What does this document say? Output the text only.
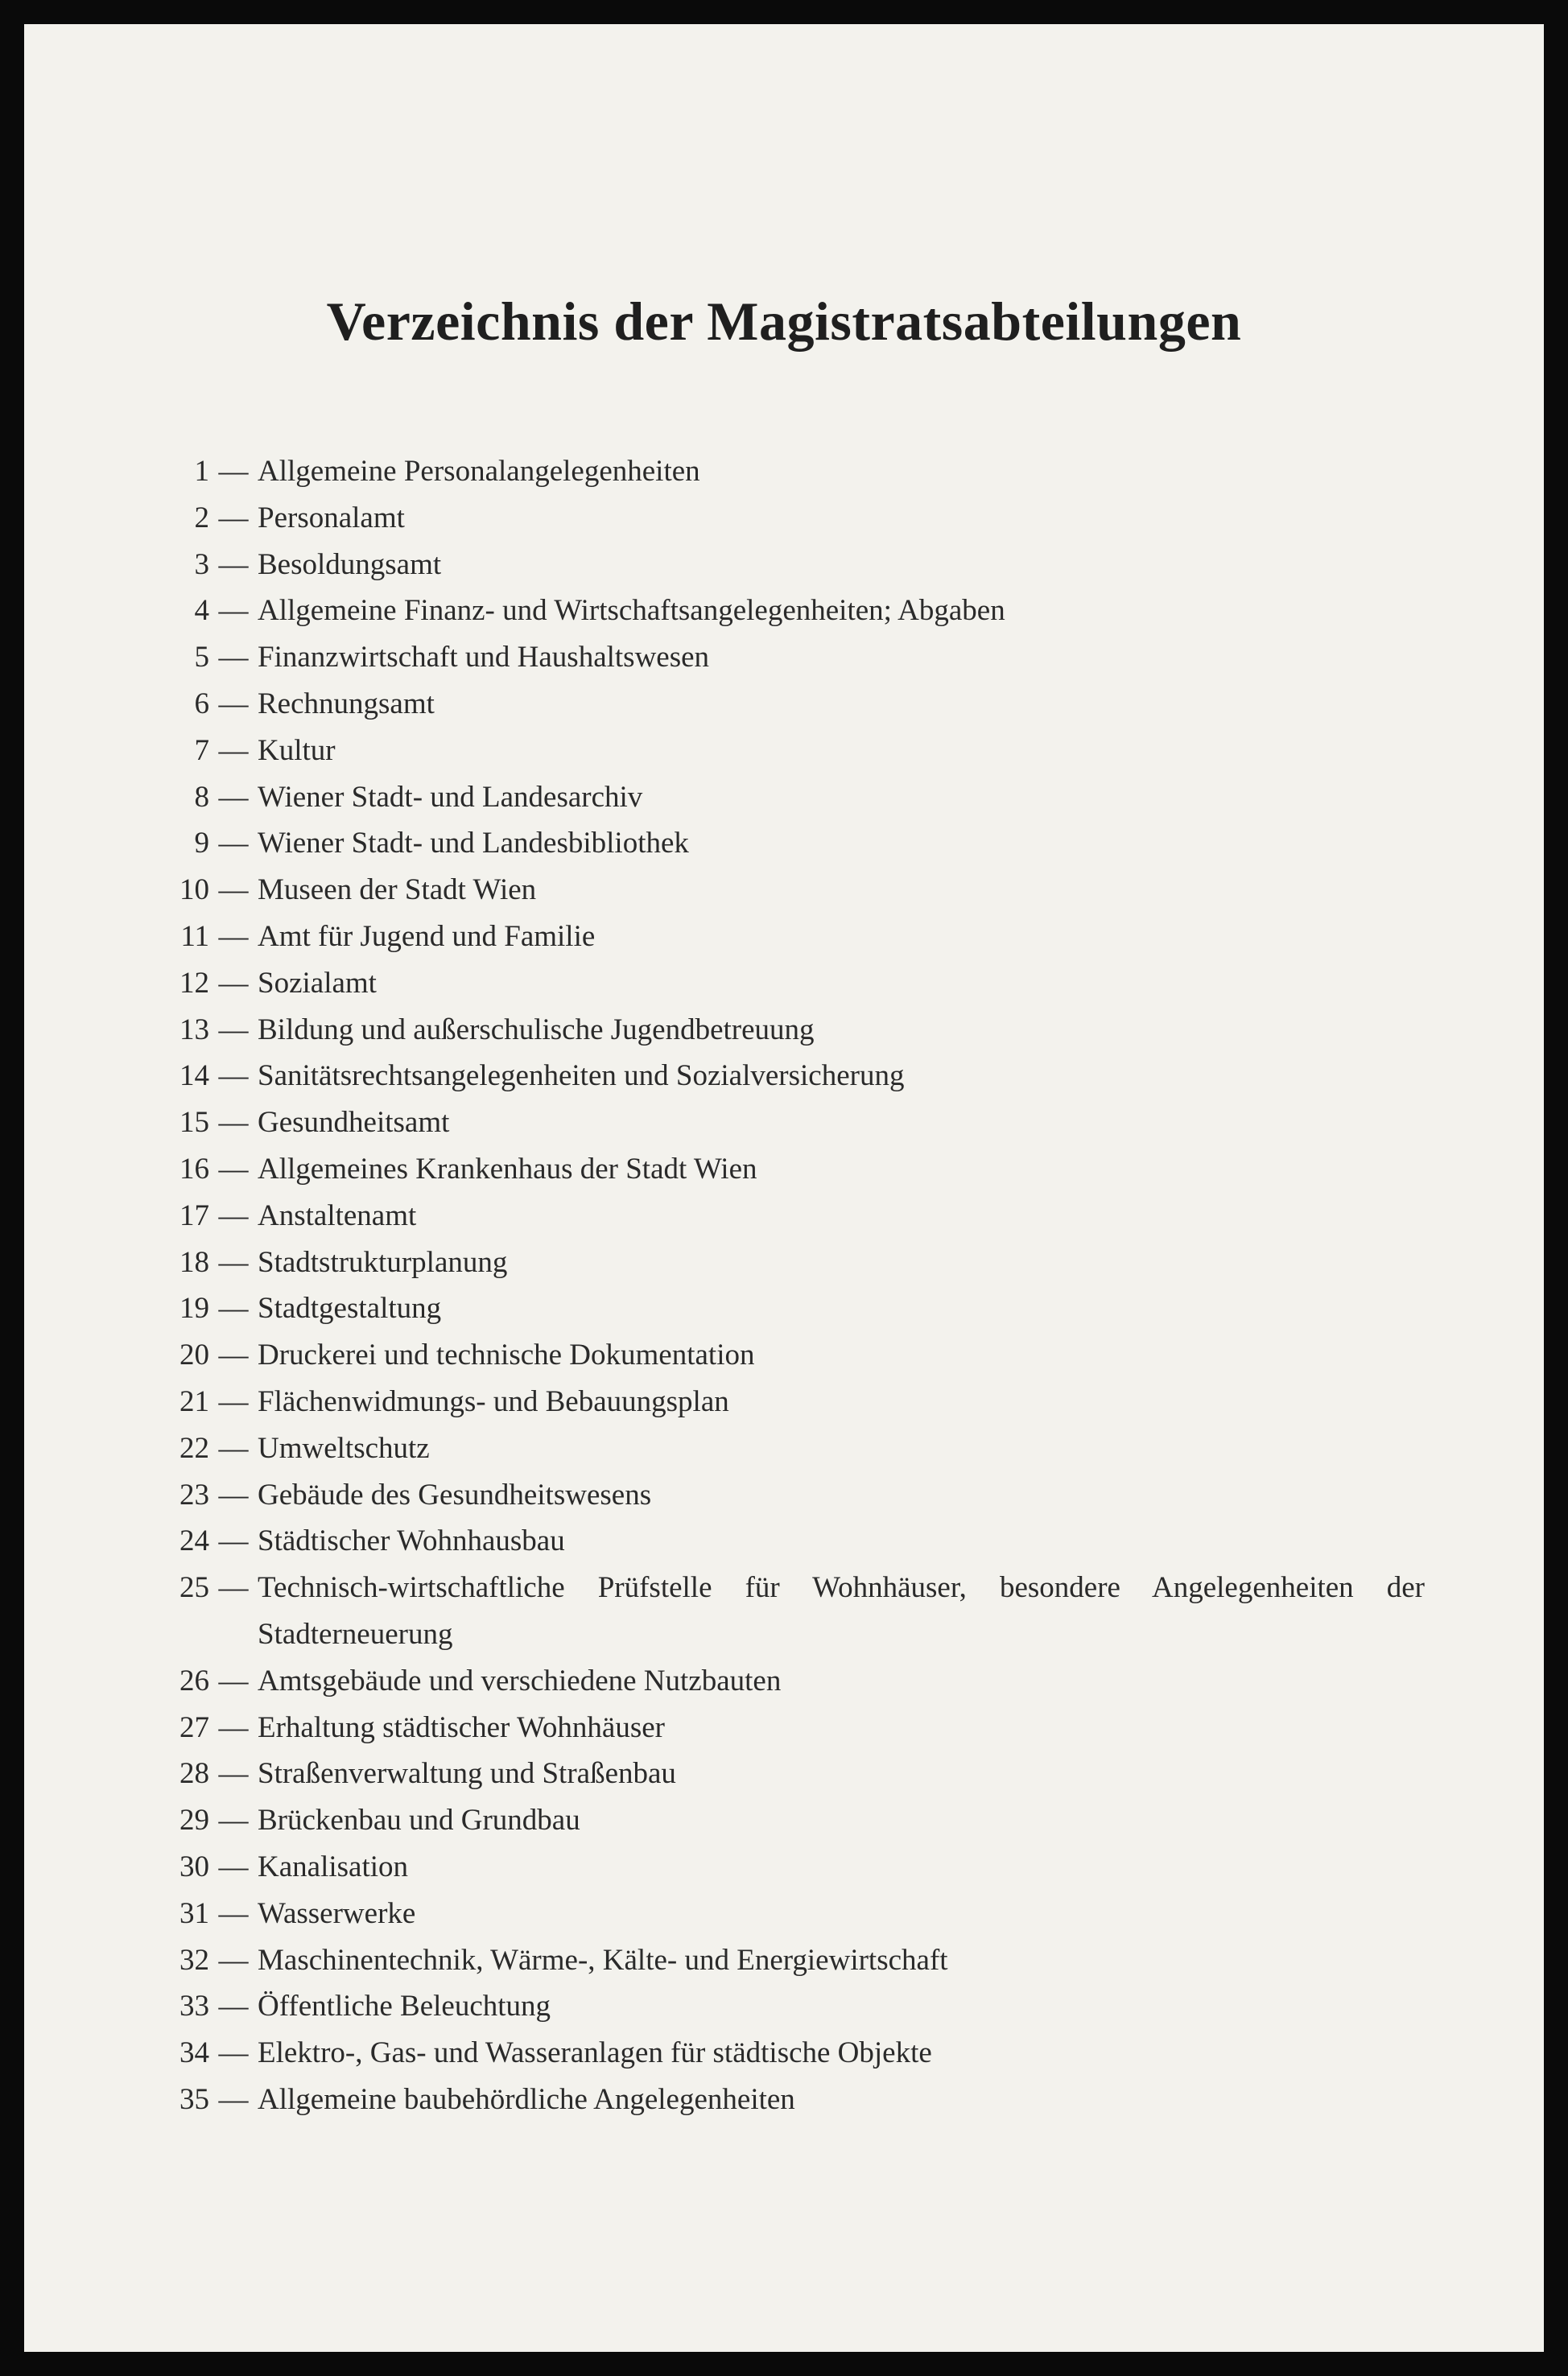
Verzeichnis der Magistratsabteilungen
1 — Allgemeine Personalangelegenheiten
2 — Personalamt
3 — Besoldungsamt
4 — Allgemeine Finanz- und Wirtschaftsangelegenheiten; Abgaben
5 — Finanzwirtschaft und Haushaltswesen
6 — Rechnungsamt
7 — Kultur
8 — Wiener Stadt- und Landesarchiv
9 — Wiener Stadt- und Landesbibliothek
10 — Museen der Stadt Wien
11 — Amt für Jugend und Familie
12 — Sozialamt
13 — Bildung und außerschulische Jugendbetreuung
14 — Sanitätsrechtsangelegenheiten und Sozialversicherung
15 — Gesundheitsamt
16 — Allgemeines Krankenhaus der Stadt Wien
17 — Anstaltenamt
18 — Stadtstrukturplanung
19 — Stadtgestaltung
20 — Druckerei und technische Dokumentation
21 — Flächenwidmungs- und Bebauungsplan
22 — Umweltschutz
23 — Gebäude des Gesundheitswesens
24 — Städtischer Wohnhausbau
25 — Technisch-wirtschaftliche Prüfstelle für Wohnhäuser, besondere Angelegenheiten der Stadterneuerung
26 — Amtsgebäude und verschiedene Nutzbauten
27 — Erhaltung städtischer Wohnhäuser
28 — Straßenverwaltung und Straßenbau
29 — Brückenbau und Grundbau
30 — Kanalisation
31 — Wasserwerke
32 — Maschinentechnik, Wärme-, Kälte- und Energiewirtschaft
33 — Öffentliche Beleuchtung
34 — Elektro-, Gas- und Wasseranlagen für städtische Objekte
35 — Allgemeine baubehördliche Angelegenheiten
